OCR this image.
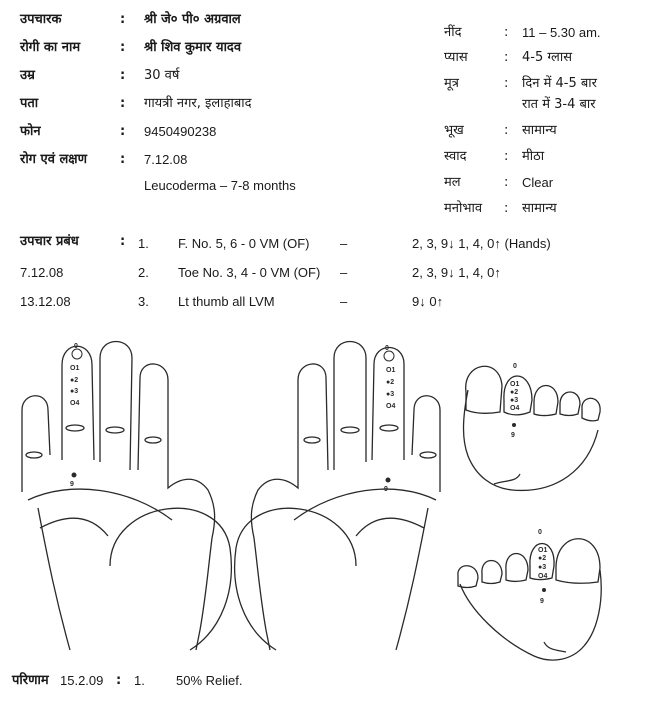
उपचारक	: श्री जे० पी० अग्रवाल
रोगी का नाम	: श्री शिव कुमार यादव
उम्र	: 30 वर्ष
पता	: गायत्री नगर, इलाहाबाद
फोन	: 9450490238
रोग एवं लक्षण	: 7.12.08
Leucoderma – 7-8 months
नींद	: 11 – 5.30 am.
प्यास	: 4-5 ग्लास
मूत्र	: दिन में 4-5 बार
रात में 3-4 बार
भूख	: सामान्य
स्वाद	: मीठा
मल	: Clear
मनोभाव : सामान्य
उपचार प्रबंध	: 1. F. No. 5, 6 - 0 VM (OF) –	2, 3, 9↓ 1, 4, 0↑ (Hands)
7.12.08	2. Toe No. 3, 4 - 0 VM (OF) –	2, 3, 9↓ 1, 4, 0↑
13.12.08	3. Lt thumb all LVM	–	9↓ 0↑
0
O1
●2
●3
O4
9
0
O1
●2
●3
O4
9
0
O1
●2
●3
O4
9
0
O1
●2
●3
O4
9
परिणाम 15.2.09 : 1. 50% Relief.
